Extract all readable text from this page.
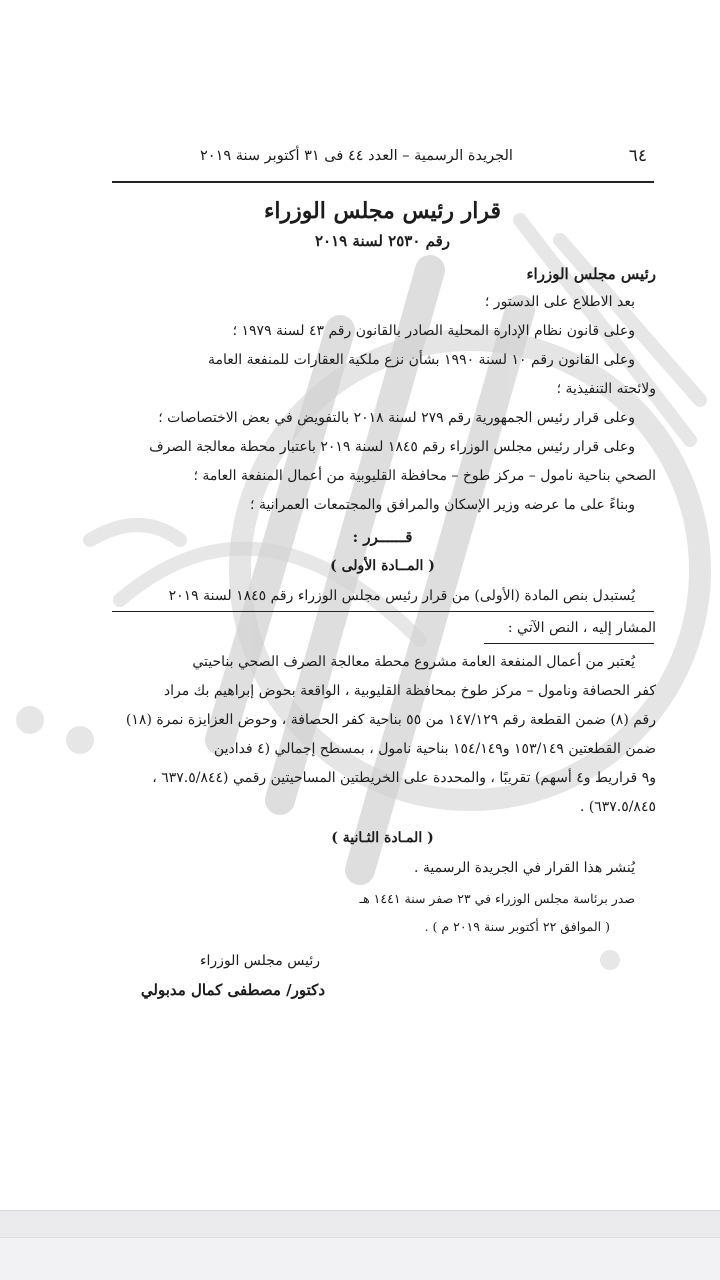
٦٤
الجريدة الرسمية – العدد ٤٤ فى ٣١ أكتوبر سنة ٢٠١٩
قرار رئيس مجلس الوزراء
رقم ٢٥٣٠ لسنة ٢٠١٩
رئيس مجلس الوزراء
بعد الاطلاع على الدستور ؛
وعلى قانون نظام الإدارة المحلية الصادر بالقانون رقم ٤٣ لسنة ١٩٧٩ ؛
وعلى القانون رقم ١٠ لسنة ١٩٩٠ بشأن نزع ملكية العقارات للمنفعة العامة
ولائحته التنفيذية ؛
وعلى قرار رئيس الجمهورية رقم ٢٧٩ لسنة ٢٠١٨ بالتفويض في بعض الاختصاصات ؛
وعلى قرار رئيس مجلس الوزراء رقم ١٨٤٥ لسنة ٢٠١٩ باعتبار محطة معالجة الصرف
الصحي بناحية نامول – مركز طوخ – محافظة القليوبية من أعمال المنفعة العامة ؛
وبناءً على ما عرضه وزير الإسكان والمرافق والمجتمعات العمرانية ؛
قــــــرر :
( المــادة الأولى )
يُستبدل بنص المادة (الأولى) من قرار رئيس مجلس الوزراء رقم ١٨٤٥ لسنة ٢٠١٩
المشار إليه ، النص الآتي :
يُعتبر من أعمال المنفعة العامة مشروع محطة معالجة الصرف الصحي بناحيتي
كفر الحصافة ونامول – مركز طوخ بمحافظة القليوبية ، الواقعة بحوض إبراهيم بك مراد
رقم (٨) ضمن القطعة رقم ١٤٧/١٢٩ من ٥٥ بناحية كفر الحصافة ، وحوض العزايزة نمرة (١٨)
ضمن القطعتين ١٥٣/١٤٩ و١٥٤/١٤٩ بناحية نامول ، بمسطح إجمالي (٤ فدادين
و٩ قراريط و٤ أسهم) تقريبًا ، والمحددة على الخريطتين المساحيتين رقمي (٦٣٧.٥/٨٤٤ ،
٦٣٧.٥/٨٤٥) .
( المـادة الثـانية )
يُنشر هذا القرار في الجريدة الرسمية .
صدر برئاسة مجلس الوزراء في ٢٣ صفر سنة ١٤٤١ هـ
( الموافق ٢٢ أكتوبر سنة ٢٠١٩ م ) .
رئيس مجلس الوزراء
دكتور/ مصطفى كمال مدبولي
